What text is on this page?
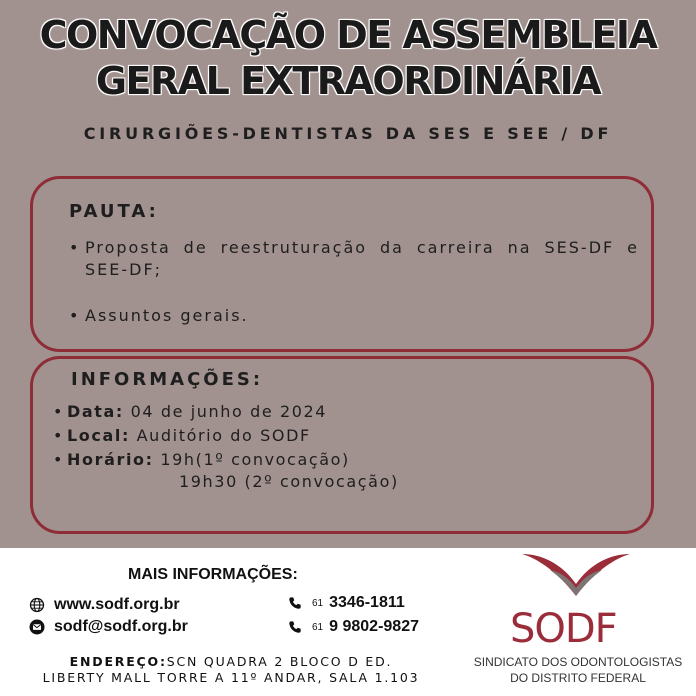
CONVOCAÇÃO DE ASSEMBLEIA
GERAL EXTRAORDINÁRIA
CIRURGIÕES-DENTISTAS DA SES E SEE / DF
PAUTA:
• Proposta de reestruturação da carreira na SES-DF e SEE-DF;
• Assuntos gerais.
INFORMAÇÕES:
• Data: 04 de junho de 2024
• Local: Auditório do SODF
• Horário: 19h(1º convocação)
19h30 (2º convocação)
MAIS INFORMAÇÕES:
www.sodf.org.br
sodf@sodf.org.br
61 3346-1811
61 9 9802-9827
ENDEREÇO:SCN QUADRA 2 BLOCO D ED.
LIBERTY MALL TORRE A 11º ANDAR, SALA 1.103
SODF
SINDICATO DOS ODONTOLOGISTAS
DO DISTRITO FEDERAL
